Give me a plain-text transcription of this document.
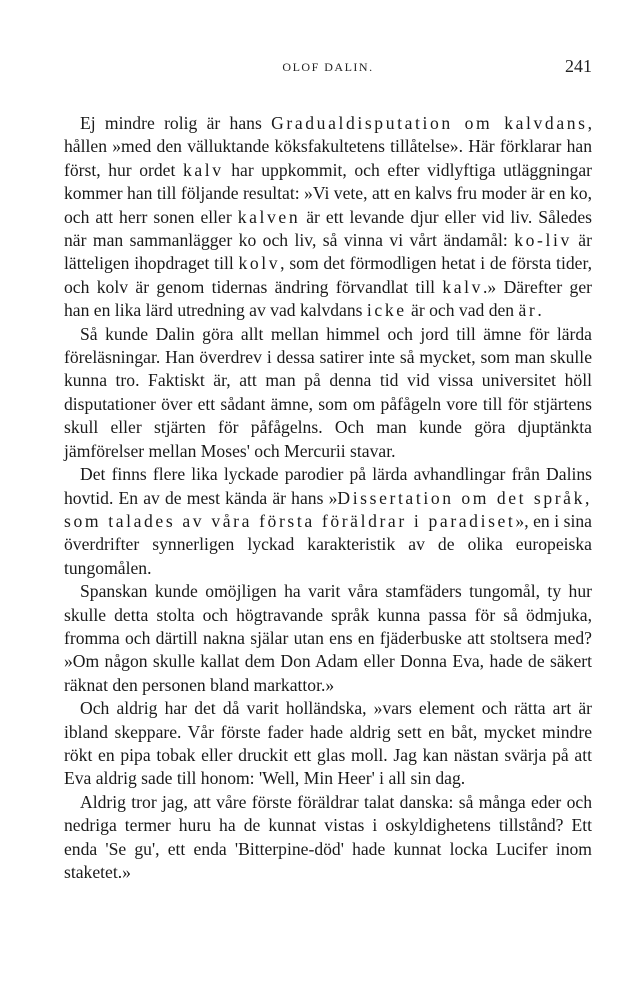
OLOF DALIN.	241

Ej mindre rolig är hans Gradualdisputation om kalvdans, hållen »med den välluktande köksfakultetens tillåtelse». Här förklarar han först, hur ordet kalv har uppkommit, och efter vidlyftiga utläggningar kommer han till följande resultat: »Vi vete, att en kalvs fru moder är en ko, och att herr sonen eller kalven är ett levande djur eller vid liv. Således när man sammanlägger ko och liv, så vinna vi vårt ändamål: ko-liv är lätteligen ihopdraget till kolv, som det förmodligen hetat i de första tider, och kolv är genom tidernas ändring förvandlat till kalv.» Därefter ger han en lika lärd utredning av vad kalvdans icke är och vad den är.

Så kunde Dalin göra allt mellan himmel och jord till ämne för lärda föreläsningar. Han överdrev i dessa satirer inte så mycket, som man skulle kunna tro. Faktiskt är, att man på denna tid vid vissa universitet höll disputationer över ett sådant ämne, som om påfågeln vore till för stjärtens skull eller stjärten för påfågelns. Och man kunde göra djuptänkta jämförelser mellan Moses' och Mercurii stavar.

Det finns flere lika lyckade parodier på lärda avhandlingar från Dalins hovtid. En av de mest kända är hans »Dissertation om det språk, som talades av våra första föräldrar i paradiset», en i sina överdrifter synnerligen lyckad karakteristik av de olika europeiska tungomålen.

Spanskan kunde omöjligen ha varit våra stamfäders tungomål, ty hur skulle detta stolta och högtravande språk kunna passa för så ödmjuka, fromma och därtill nakna själar utan ens en fjäderbuske att stoltsera med? »Om någon skulle kallat dem Don Adam eller Donna Eva, hade de säkert räknat den personen bland markattor.»

Och aldrig har det då varit holländska, »vars element och rätta art är ibland skeppare. Vår förste fader hade aldrig sett en båt, mycket mindre rökt en pipa tobak eller druckit ett glas moll. Jag kan nästan svärja på att Eva aldrig sade till honom: 'Well, Min Heer' i all sin dag.

Aldrig tror jag, att våre förste föräldrar talat danska: så många eder och nedriga termer huru ha de kunnat vistas i oskyldighetens tillstånd? Ett enda 'Se gu', ett enda 'Bitterpine-död' hade kunnat locka Lucifer inom staketet.»
